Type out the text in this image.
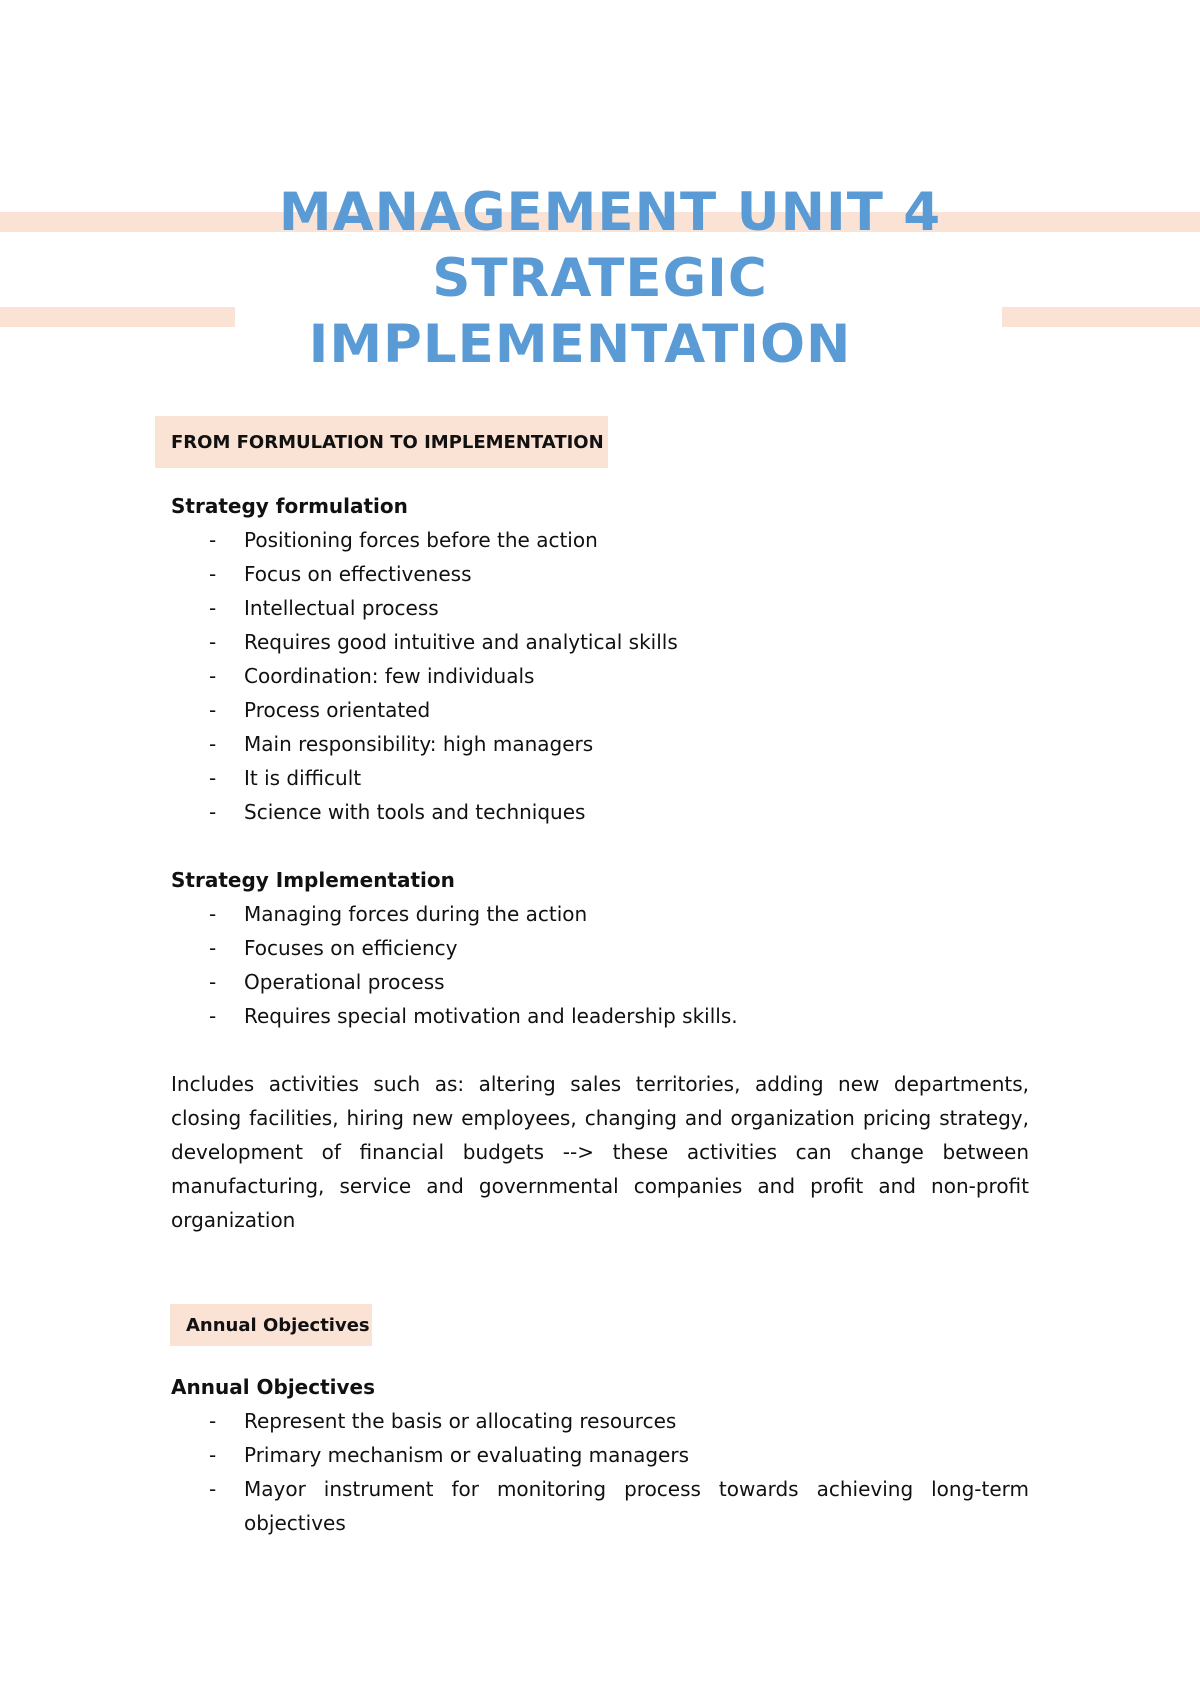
MANAGEMENT UNIT 4
STRATEGIC
IMPLEMENTATION
FROM FORMULATION TO IMPLEMENTATION

Strategy formulation

- Positioning forces before the action
- Focus on effectiveness
- Intellectual process
- Requires good intuitive and analytical skills
- Coordination: few individuals
- Process orientated
- Main responsibility: high managers
- It is difficult
- Science with tools and techniques

Strategy Implementation

- Managing forces during the action
- Focuses on efficiency
- Operational process
- Requires special motivation and leadership skills.

Includes activities such as: altering sales territories, adding new departments, closing facilities, hiring new employees, changing and organization pricing strategy, development of financial budgets --> these activities can change between manufacturing, service and governmental companies and profit and non-profit organization

Annual Objectives

Annual Objectives

- Represent the basis or allocating resources
- Primary mechanism or evaluating managers
- Mayor instrument for monitoring process towards achieving long-term objectives
